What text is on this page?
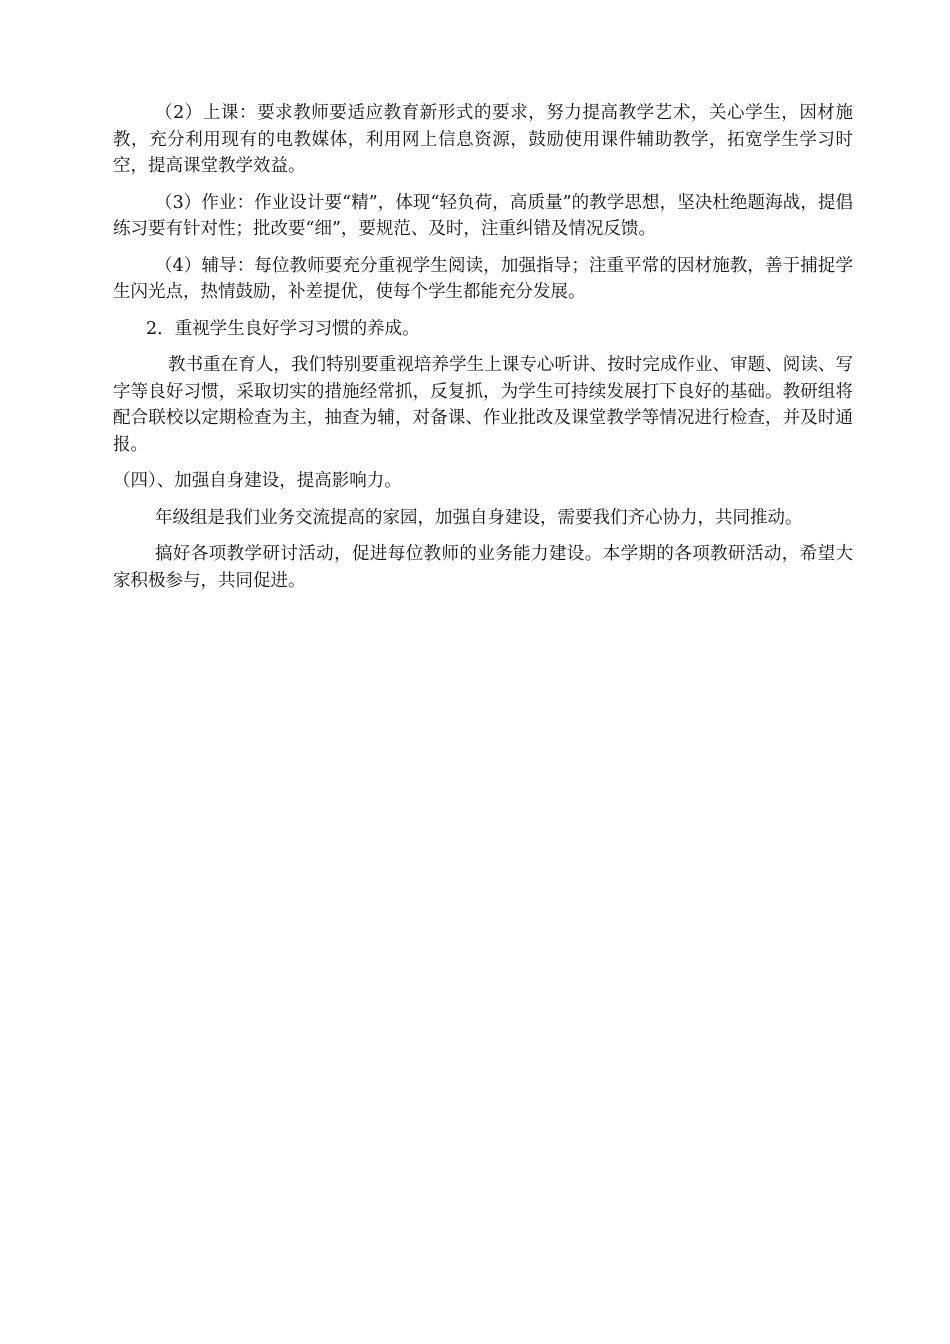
（2）上课：要求教师要适应教育新形式的要求，努力提高教学艺术，关心学生，因材施教，充分利用现有的电教媒体，利用网上信息资源，鼓励使用课件辅助教学，拓宽学生学习时空，提高课堂教学效益。

（3）作业：作业设计要“精”，体现“轻负荷，高质量”的教学思想，坚决杜绝题海战，提倡练习要有针对性；批改要“细”，要规范、及时，注重纠错及情况反馈。

（4）辅导：每位教师要充分重视学生阅读，加强指导；注重平常的因材施教，善于捕捉学生闪光点，热情鼓励，补差提优，使每个学生都能充分发展。

2．重视学生良好学习习惯的养成。

教书重在育人，我们特别要重视培养学生上课专心听讲、按时完成作业、审题、阅读、写字等良好习惯，采取切实的措施经常抓，反复抓，为学生可持续发展打下良好的基础。教研组将配合联校以定期检查为主，抽查为辅，对备课、作业批改及课堂教学等情况进行检查，并及时通报。

（四）、加强自身建设，提高影响力。

年级组是我们业务交流提高的家园，加强自身建设，需要我们齐心协力，共同推动。

搞好各项教学研讨活动，促进每位教师的业务能力建设。本学期的各项教研活动，希望大家积极参与，共同促进。
